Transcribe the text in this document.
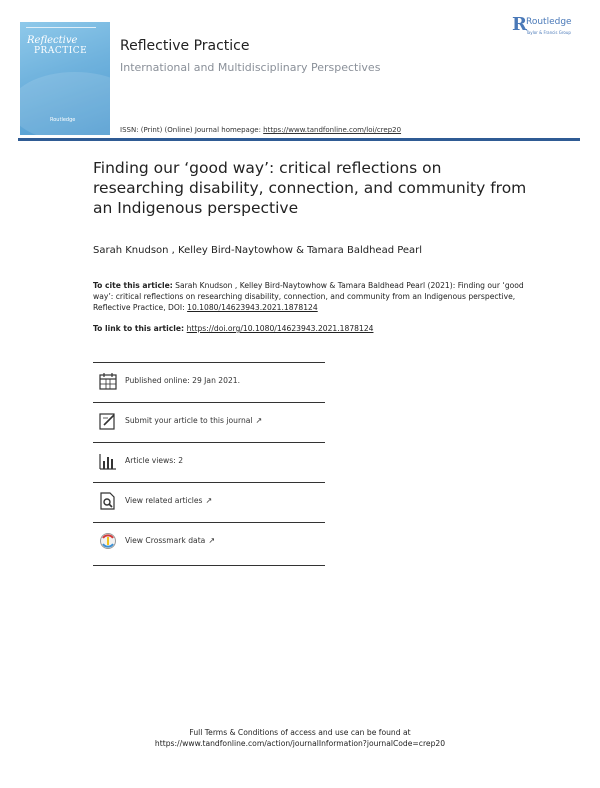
Reflective
PRACTICE
Routledge
Reflective Practice
International and Multidisciplinary Perspectives
ISSN: (Print) (Online) Journal homepage: https://www.tandfonline.com/loi/crep20
R Routledge
Taylor & Francis Group
Finding our ‘good way’: critical reflections on researching disability, connection, and community from an Indigenous perspective
Sarah Knudson , Kelley Bird-Naytowhow & Tamara Baldhead Pearl
To cite this article: Sarah Knudson , Kelley Bird-Naytowhow & Tamara Baldhead Pearl (2021): Finding our ‘good way’: critical reflections on researching disability, connection, and community from an Indigenous perspective, Reflective Practice, DOI: 10.1080/14623943.2021.1878124
To link to this article: https://doi.org/10.1080/14623943.2021.1878124
Published online: 29 Jan 2021.
Submit your article to this journal ↗
Article views: 2
View related articles ↗
View Crossmark data ↗
Full Terms & Conditions of access and use can be found at
https://www.tandfonline.com/action/journalInformation?journalCode=crep20
